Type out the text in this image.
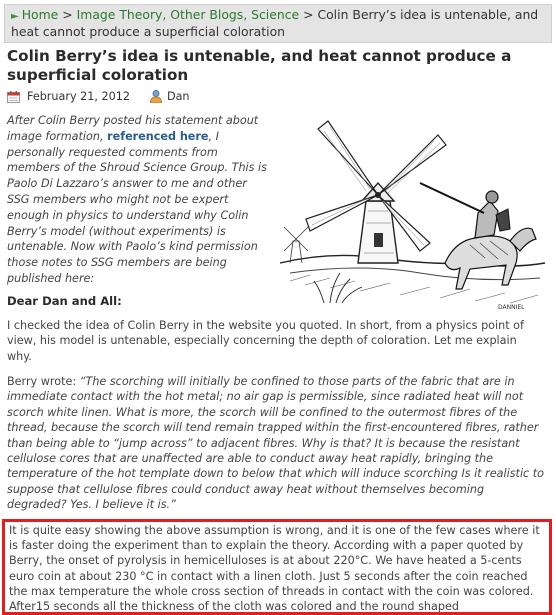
► Home > Image Theory, Other Blogs, Science > Colin Berry’s idea is untenable, and heat cannot produce a superficial coloration
Colin Berry’s idea is untenable, and heat cannot produce a superficial coloration
February 21, 2012	Dan

After Colin Berry posted his statement about image formation, referenced here, I personally requested comments from members of the Shroud Science Group. This is Paolo Di Lazzaro’s answer to me and other SSG members who might not be expert enough in physics to understand why Colin Berry’s model (without experiments) is untenable. Now with Paolo’s kind permission those notes to SSG members are being published here:

DANNIEL

Dear Dan and All:

I checked the idea of Colin Berry in the website you quoted. In short, from a physics point of view, his model is untenable, especially concerning the depth of coloration. Let me explain why.

Berry wrote: “The scorching will initially be confined to those parts of the fabric that are in immediate contact with the hot metal; no air gap is permissible, since radiated heat will not scorch white linen. What is more, the scorch will be confined to the outermost fibres of the thread, because the scorch will tend remain trapped within the first-encountered fibres, rather than being able to “jump across” to adjacent fibres. Why is that? It is because the resistant cellulose cores that are unaffected are able to conduct away heat rapidly, bringing the temperature of the hot template down to below that which will induce scorching Is it realistic to suppose that cellulose fibres could conduct away heat without themselves becoming degraded? Yes. I believe it is.”

It is quite easy showing the above assumption is wrong, and it is one of the few cases where it is faster doing the experiment than to explain the theory. According with a paper quoted by Berry, the onset of pyrolysis in hemicelluloses is at about 220°C. We have heated a 5-cents euro coin at about 230 °C in contact with a linen cloth. Just 5 seconds after the coin reached the max temperature the whole cross section of threads in contact with the coin was colored. After15 seconds all the thickness of the cloth was colored and the round shaped
